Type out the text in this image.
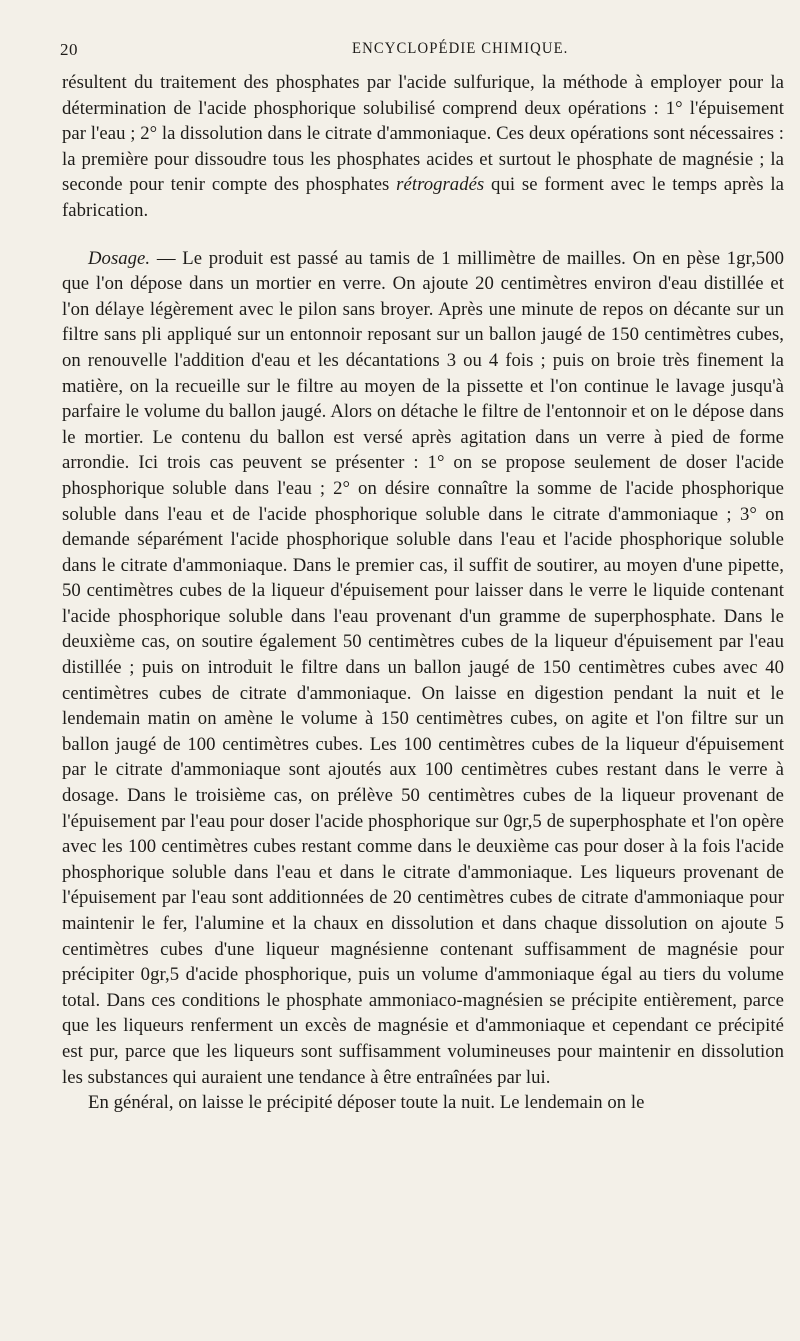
20	ENCYCLOPÉDIE CHIMIQUE.

résultent du traitement des phosphates par l'acide sulfurique, la méthode à employer pour la détermination de l'acide phosphorique solubilisé comprend deux opérations : 1° l'épuisement par l'eau ; 2° la dissolution dans le citrate d'ammoniaque. Ces deux opérations sont nécessaires : la première pour dissoudre tous les phosphates acides et surtout le phosphate de magnésie ; la seconde pour tenir compte des phosphates rétrogradés qui se forment avec le temps après la fabrication.

Dosage. — Le produit est passé au tamis de 1 millimètre de mailles. On en pèse 1gr,500 que l'on dépose dans un mortier en verre. On ajoute 20 centimètres environ d'eau distillée et l'on délaye légèrement avec le pilon sans broyer. Après une minute de repos on décante sur un filtre sans pli appliqué sur un entonnoir reposant sur un ballon jaugé de 150 centimètres cubes, on renouvelle l'addition d'eau et les décantations 3 ou 4 fois ; puis on broie très finement la matière, on la recueille sur le filtre au moyen de la pissette et l'on continue le lavage jusqu'à parfaire le volume du ballon jaugé. Alors on détache le filtre de l'entonnoir et on le dépose dans le mortier. Le contenu du ballon est versé après agitation dans un verre à pied de forme arrondie. Ici trois cas peuvent se présenter : 1° on se propose seulement de doser l'acide phosphorique soluble dans l'eau ; 2° on désire connaître la somme de l'acide phosphorique soluble dans l'eau et de l'acide phosphorique soluble dans le citrate d'ammoniaque ; 3° on demande séparément l'acide phosphorique soluble dans l'eau et l'acide phosphorique soluble dans le citrate d'ammoniaque. Dans le premier cas, il suffit de soutirer, au moyen d'une pipette, 50 centimètres cubes de la liqueur d'épuisement pour laisser dans le verre le liquide contenant l'acide phosphorique soluble dans l'eau provenant d'un gramme de superphosphate. Dans le deuxième cas, on soutire également 50 centimètres cubes de la liqueur d'épuisement par l'eau distillée ; puis on introduit le filtre dans un ballon jaugé de 150 centimètres cubes avec 40 centimètres cubes de citrate d'ammoniaque. On laisse en digestion pendant la nuit et le lendemain matin on amène le volume à 150 centimètres cubes, on agite et l'on filtre sur un ballon jaugé de 100 centimètres cubes. Les 100 centimètres cubes de la liqueur d'épuisement par le citrate d'ammoniaque sont ajoutés aux 100 centimètres cubes restant dans le verre à dosage. Dans le troisième cas, on prélève 50 centimètres cubes de la liqueur provenant de l'épuisement par l'eau pour doser l'acide phosphorique sur 0gr,5 de superphosphate et l'on opère avec les 100 centimètres cubes restant comme dans le deuxième cas pour doser à la fois l'acide phosphorique soluble dans l'eau et dans le citrate d'ammoniaque. Les liqueurs provenant de l'épuisement par l'eau sont additionnées de 20 centimètres cubes de citrate d'ammoniaque pour maintenir le fer, l'alumine et la chaux en dissolution et dans chaque dissolution on ajoute 5 centimètres cubes d'une liqueur magnésienne contenant suffisamment de magnésie pour précipiter 0gr,5 d'acide phosphorique, puis un volume d'ammoniaque égal au tiers du volume total. Dans ces conditions le phosphate ammoniaco-magnésien se précipite entièrement, parce que les liqueurs renferment un excès de magnésie et d'ammoniaque et cependant ce précipité est pur, parce que les liqueurs sont suffisamment volumineuses pour maintenir en dissolution les substances qui auraient une tendance à être entraînées par lui.

En général, on laisse le précipité déposer toute la nuit. Le lendemain on le
